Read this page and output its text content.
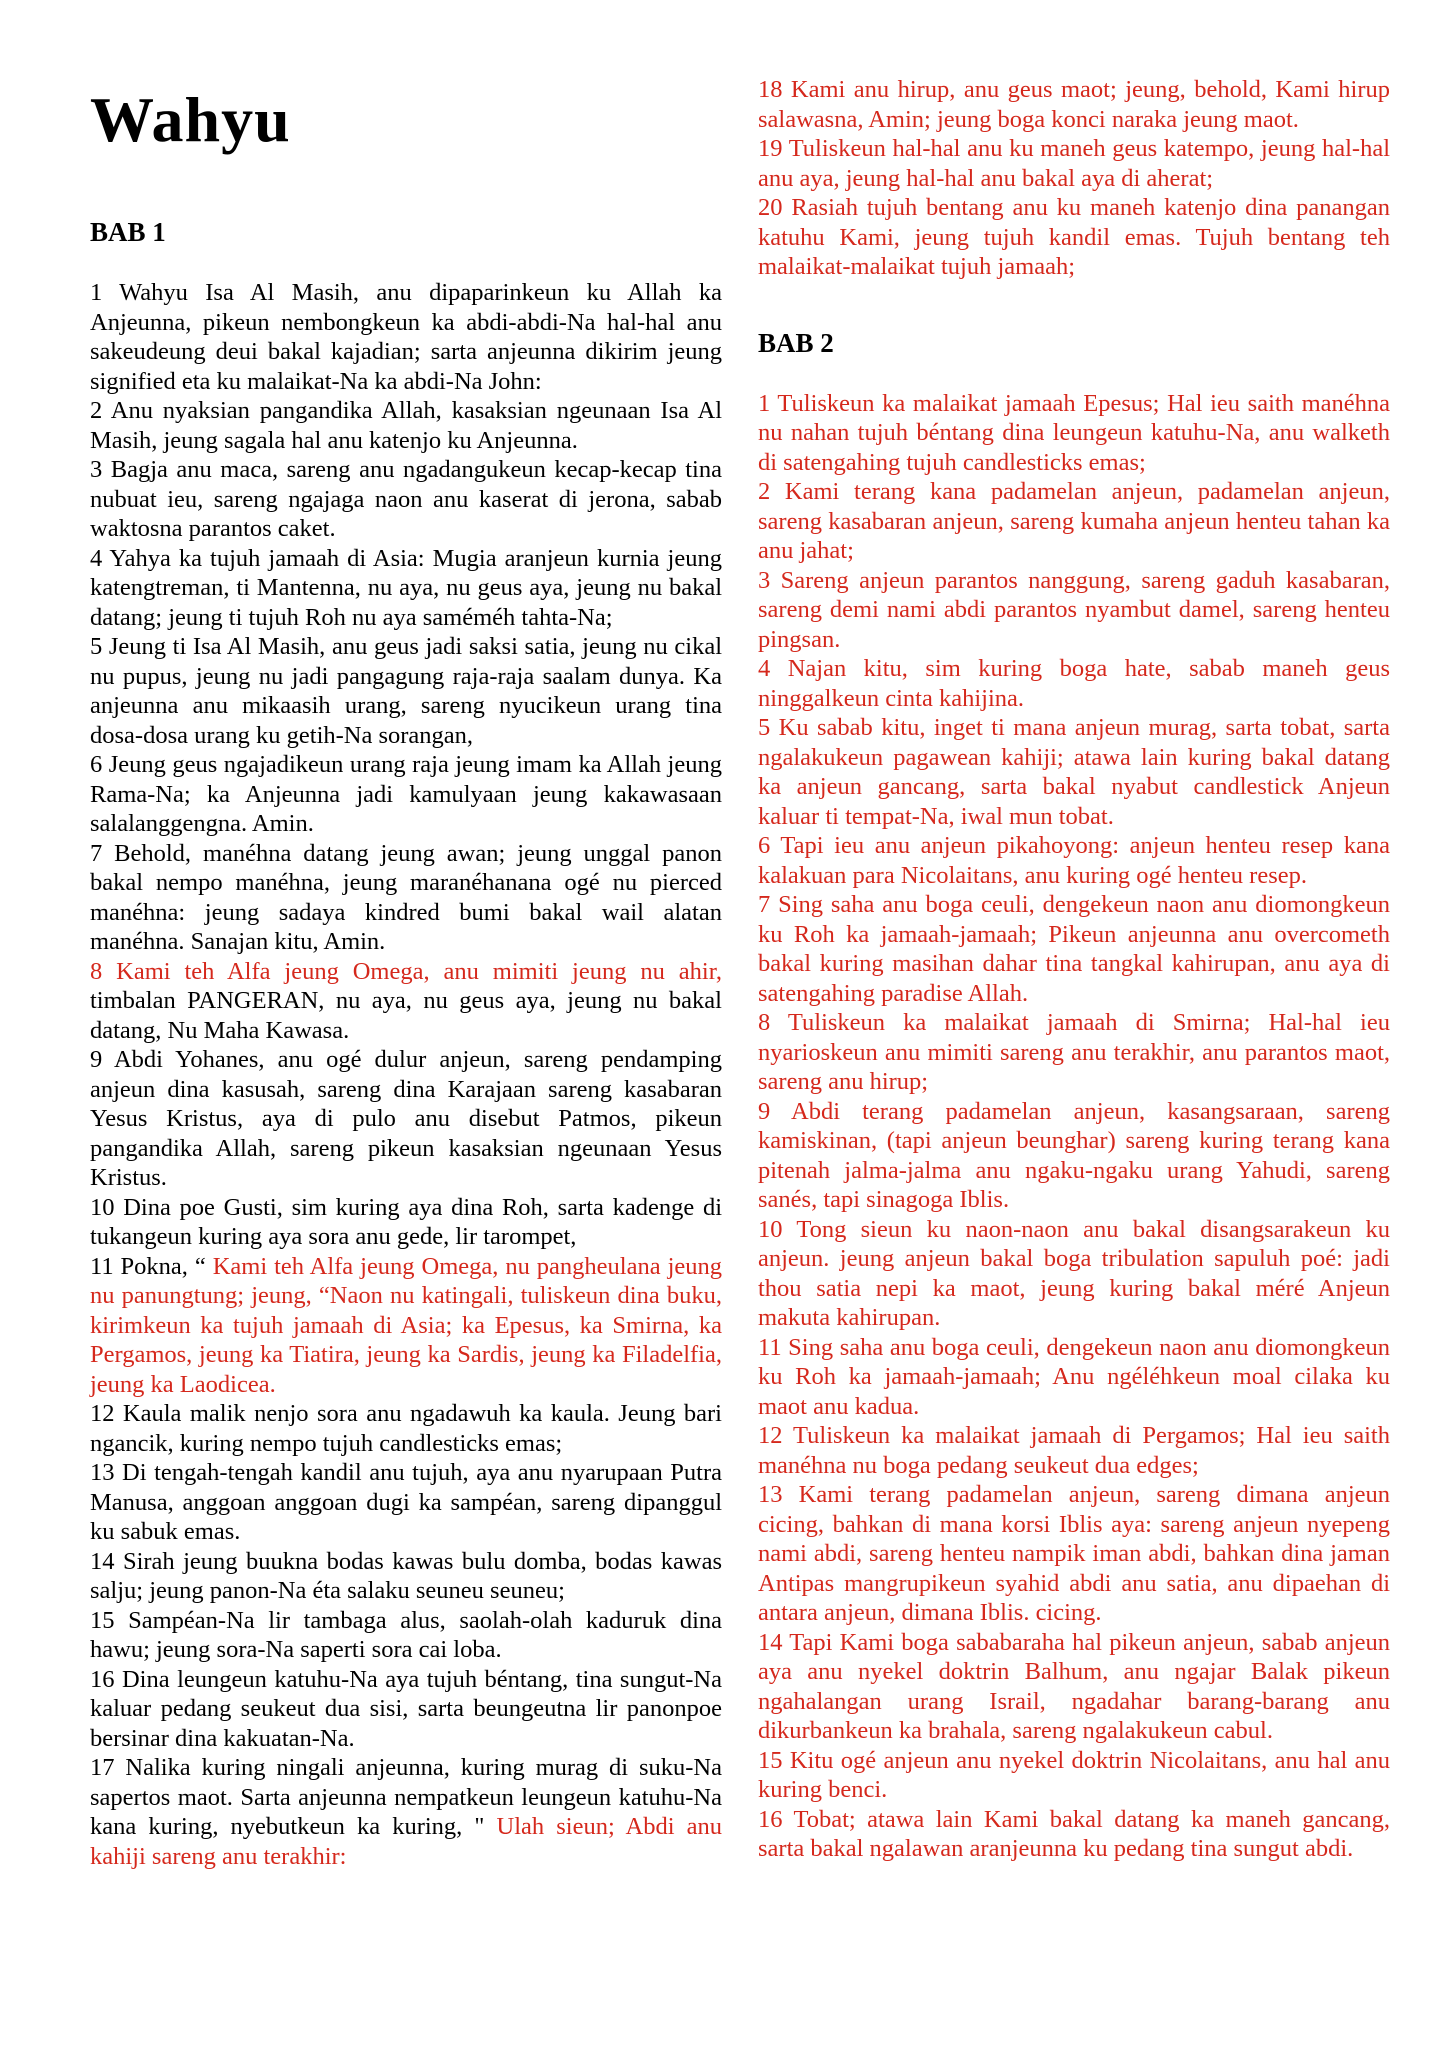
Wahyu
BAB 1

1 Wahyu Isa Al Masih, anu dipaparinkeun ku Allah ka Anjeunna, pikeun nembongkeun ka abdi-abdi-Na hal-hal anu sakeudeung deui bakal kajadian; sarta anjeunna dikirim jeung signified eta ku malaikat-Na ka abdi-Na John:

2 Anu nyaksian pangandika Allah, kasaksian ngeunaan Isa Al Masih, jeung sagala hal anu katenjo ku Anjeunna.

3 Bagja anu maca, sareng anu ngadangukeun kecap-kecap tina nubuat ieu, sareng ngajaga naon anu kaserat di jerona, sabab waktosna parantos caket.

4 Yahya ka tujuh jamaah di Asia: Mugia aranjeun kurnia jeung katengtreman, ti Mantenna, nu aya, nu geus aya, jeung nu bakal datang; jeung ti tujuh Roh nu aya saméméh tahta-Na;

5 Jeung ti Isa Al Masih, anu geus jadi saksi satia, jeung nu cikal nu pupus, jeung nu jadi pangagung raja-raja saalam dunya. Ka anjeunna anu mikaasih urang, sareng nyucikeun urang tina dosa-dosa urang ku getih-Na sorangan,

6 Jeung geus ngajadikeun urang raja jeung imam ka Allah jeung Rama-Na; ka Anjeunna jadi kamulyaan jeung kakawasaan salalanggengna. Amin.

7 Behold, manéhna datang jeung awan; jeung unggal panon bakal nempo manéhna, jeung maranéhanana ogé nu pierced manéhna: jeung sadaya kindred bumi bakal wail alatan manéhna. Sanajan kitu, Amin.

8 Kami teh Alfa jeung Omega, anu mimiti jeung nu ahir, timbalan PANGERAN, nu aya, nu geus aya, jeung nu bakal datang, Nu Maha Kawasa.

9 Abdi Yohanes, anu ogé dulur anjeun, sareng pendamping anjeun dina kasusah, sareng dina Karajaan sareng kasabaran Yesus Kristus, aya di pulo anu disebut Patmos, pikeun pangandika Allah, sareng pikeun kasaksian ngeunaan Yesus Kristus.

10 Dina poe Gusti, sim kuring aya dina Roh, sarta kadenge di tukangeun kuring aya sora anu gede, lir tarompet,

11 Pokna, “ Kami teh Alfa jeung Omega, nu pangheulana jeung nu panungtung; jeung, “Naon nu katingali, tuliskeun dina buku, kirimkeun ka tujuh jamaah di Asia; ka Epesus, ka Smirna, ka Pergamos, jeung ka Tiatira, jeung ka Sardis, jeung ka Filadelfia, jeung ka Laodicea.

12 Kaula malik nenjo sora anu ngadawuh ka kaula. Jeung bari ngancik, kuring nempo tujuh candlesticks emas;

13 Di tengah-tengah kandil anu tujuh, aya anu nyarupaan Putra Manusa, anggoan anggoan dugi ka sampéan, sareng dipanggul ku sabuk emas.

14 Sirah jeung buukna bodas kawas bulu domba, bodas kawas salju; jeung panon-Na éta salaku seuneu seuneu;

15 Sampéan-Na lir tambaga alus, saolah-olah kaduruk dina hawu; jeung sora-Na saperti sora cai loba.

16 Dina leungeun katuhu-Na aya tujuh béntang, tina sungut-Na kaluar pedang seukeut dua sisi, sarta beungeutna lir panonpoe bersinar dina kakuatan-Na.

17 Nalika kuring ningali anjeunna, kuring murag di suku-Na sapertos maot. Sarta anjeunna nempatkeun leungeun katuhu-Na kana kuring, nyebutkeun ka kuring, " Ulah sieun; Abdi anu kahiji sareng anu terakhir:

18 Kami anu hirup, anu geus maot; jeung, behold, Kami hirup salawasna, Amin; jeung boga konci naraka jeung maot.

19 Tuliskeun hal-hal anu ku maneh geus katempo, jeung hal-hal anu aya, jeung hal-hal anu bakal aya di aherat;

20 Rasiah tujuh bentang anu ku maneh katenjo dina panangan katuhu Kami, jeung tujuh kandil emas. Tujuh bentang teh malaikat-malaikat tujuh jamaah;

BAB 2

1 Tuliskeun ka malaikat jamaah Epesus; Hal ieu saith manéhna nu nahan tujuh béntang dina leungeun katuhu-Na, anu walketh di satengahing tujuh candlesticks emas;

2 Kami terang kana padamelan anjeun, padamelan anjeun, sareng kasabaran anjeun, sareng kumaha anjeun henteu tahan ka anu jahat;

3 Sareng anjeun parantos nanggung, sareng gaduh kasabaran, sareng demi nami abdi parantos nyambut damel, sareng henteu pingsan.

4 Najan kitu, sim kuring boga hate, sabab maneh geus ninggalkeun cinta kahijina.

5 Ku sabab kitu, inget ti mana anjeun murag, sarta tobat, sarta ngalakukeun pagawean kahiji; atawa lain kuring bakal datang ka anjeun gancang, sarta bakal nyabut candlestick Anjeun kaluar ti tempat-Na, iwal mun tobat.

6 Tapi ieu anu anjeun pikahoyong: anjeun henteu resep kana kalakuan para Nicolaitans, anu kuring ogé henteu resep.

7 Sing saha anu boga ceuli, dengekeun naon anu diomongkeun ku Roh ka jamaah-jamaah; Pikeun anjeunna anu overcometh bakal kuring masihan dahar tina tangkal kahirupan, anu aya di satengahing paradise Allah.

8 Tuliskeun ka malaikat jamaah di Smirna; Hal-hal ieu nyarioskeun anu mimiti sareng anu terakhir, anu parantos maot, sareng anu hirup;

9 Abdi terang padamelan anjeun, kasangsaraan, sareng kamiskinan, (tapi anjeun beunghar) sareng kuring terang kana pitenah jalma-jalma anu ngaku-ngaku urang Yahudi, sareng sanés, tapi sinagoga Iblis.

10 Tong sieun ku naon-naon anu bakal disangsarakeun ku anjeun. jeung anjeun bakal boga tribulation sapuluh poé: jadi thou satia nepi ka maot, jeung kuring bakal méré Anjeun makuta kahirupan.

11 Sing saha anu boga ceuli, dengekeun naon anu diomongkeun ku Roh ka jamaah-jamaah; Anu ngéléhkeun moal cilaka ku maot anu kadua.

12 Tuliskeun ka malaikat jamaah di Pergamos; Hal ieu saith manéhna nu boga pedang seukeut dua edges;

13 Kami terang padamelan anjeun, sareng dimana anjeun cicing, bahkan di mana korsi Iblis aya: sareng anjeun nyepeng nami abdi, sareng henteu nampik iman abdi, bahkan dina jaman Antipas mangrupikeun syahid abdi anu satia, anu dipaehan di antara anjeun, dimana Iblis. cicing.

14 Tapi Kami boga sababaraha hal pikeun anjeun, sabab anjeun aya anu nyekel doktrin Balhum, anu ngajar Balak pikeun ngahalangan urang Israil, ngadahar barang-barang anu dikurbankeun ka brahala, sareng ngalakukeun cabul.

15 Kitu ogé anjeun anu nyekel doktrin Nicolaitans, anu hal anu kuring benci.

16 Tobat; atawa lain Kami bakal datang ka maneh gancang, sarta bakal ngalawan aranjeunna ku pedang tina sungut abdi.
